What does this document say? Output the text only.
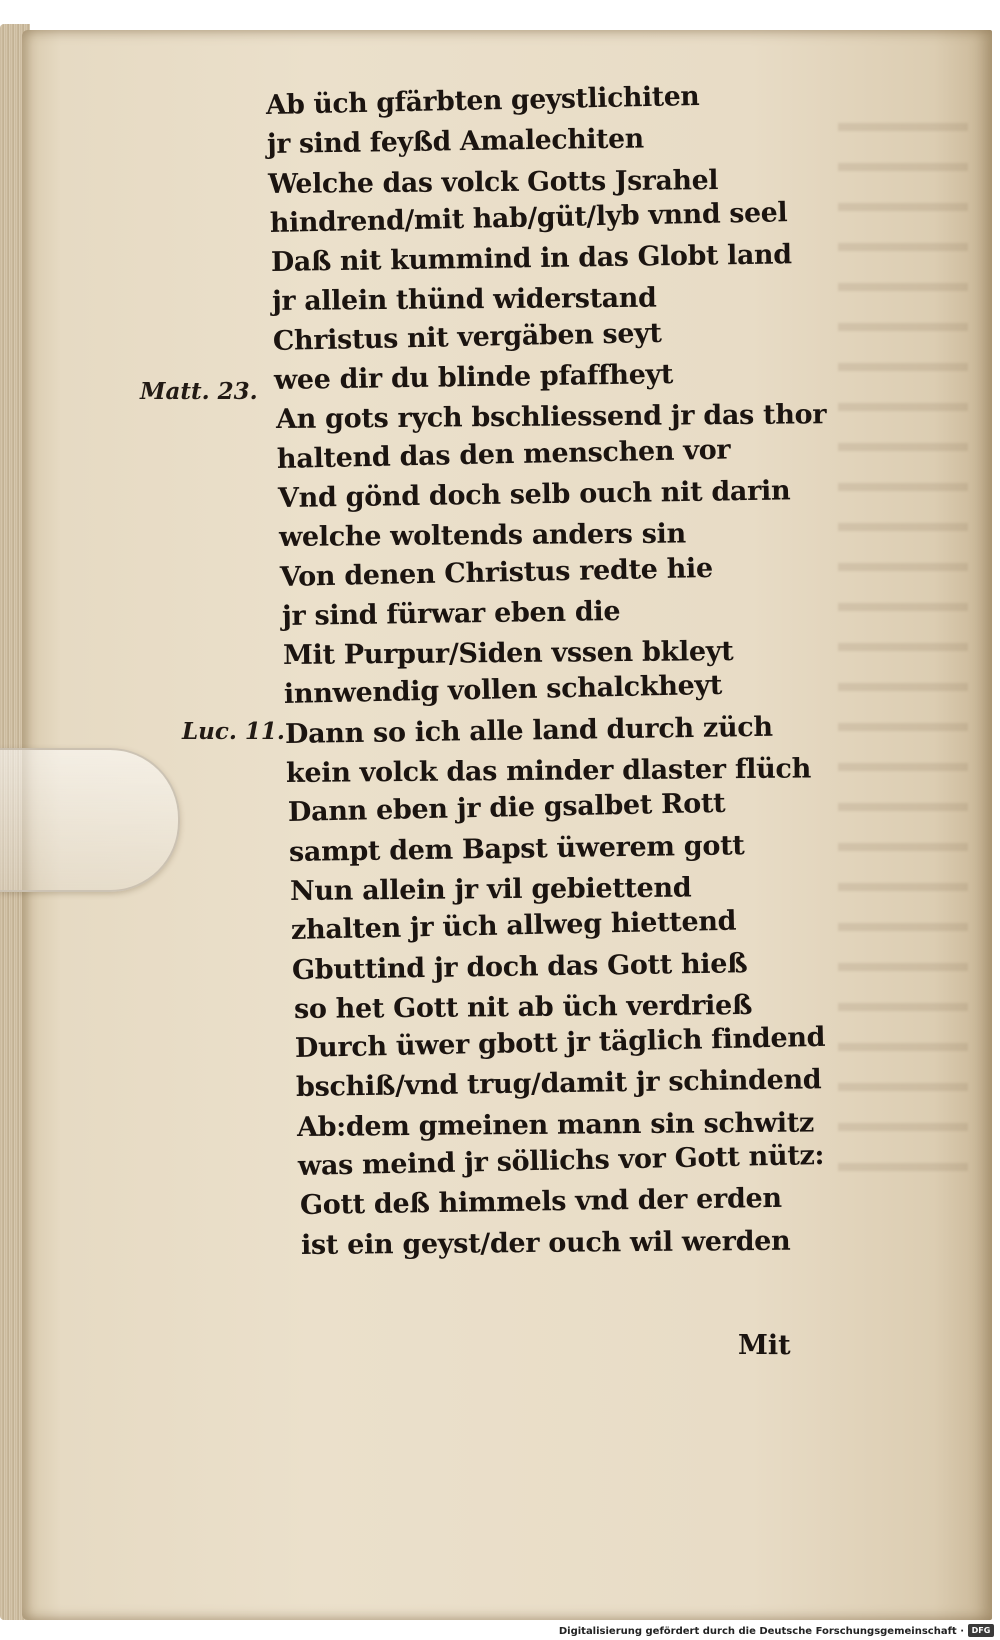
Ab üch gfärbten geystlichiten
jr sind feyßd Amalechiten
Welche das volck Gotts Jsrahel
hindrend/mit hab/güt/lyb vnnd seel
Daß nit kummind in das Globt land
jr allein thünd widerstand
Christus nit vergäben seyt
wee dir du blinde pfaffheyt
An gots rych bschliessend jr das thor
haltend das den menschen vor
Vnd gönd doch selb ouch nit darin
welche woltends anders sin
Von denen Christus redte hie
jr sind fürwar eben die
Mit Purpur/Siden vssen bkleyt
innwendig vollen schalckheyt
Dann so ich alle land durch züch
kein volck das minder dlaster flüch
Dann eben jr die gsalbet Rott
sampt dem Bapst üwerem gott
Nun allein jr vil gebiettend
zhalten jr üch allweg hiettend
Gbuttind jr doch das Gott hieß
so het Gott nit ab üch verdrieß
Durch üwer gbott jr täglich findend
bschiß/vnd trug/damit jr schindend
Ab:dem gmeinen mann sin schwitz
was meind jr söllichs vor Gott nütz:
Gott deß himmels vnd der erden
ist ein geyst/der ouch wil werden
Matt. 23.
Luc. 11.
Mit
Digitalisierung gefördert durch die Deutsche Forschungsgemeinschaft · DFG
